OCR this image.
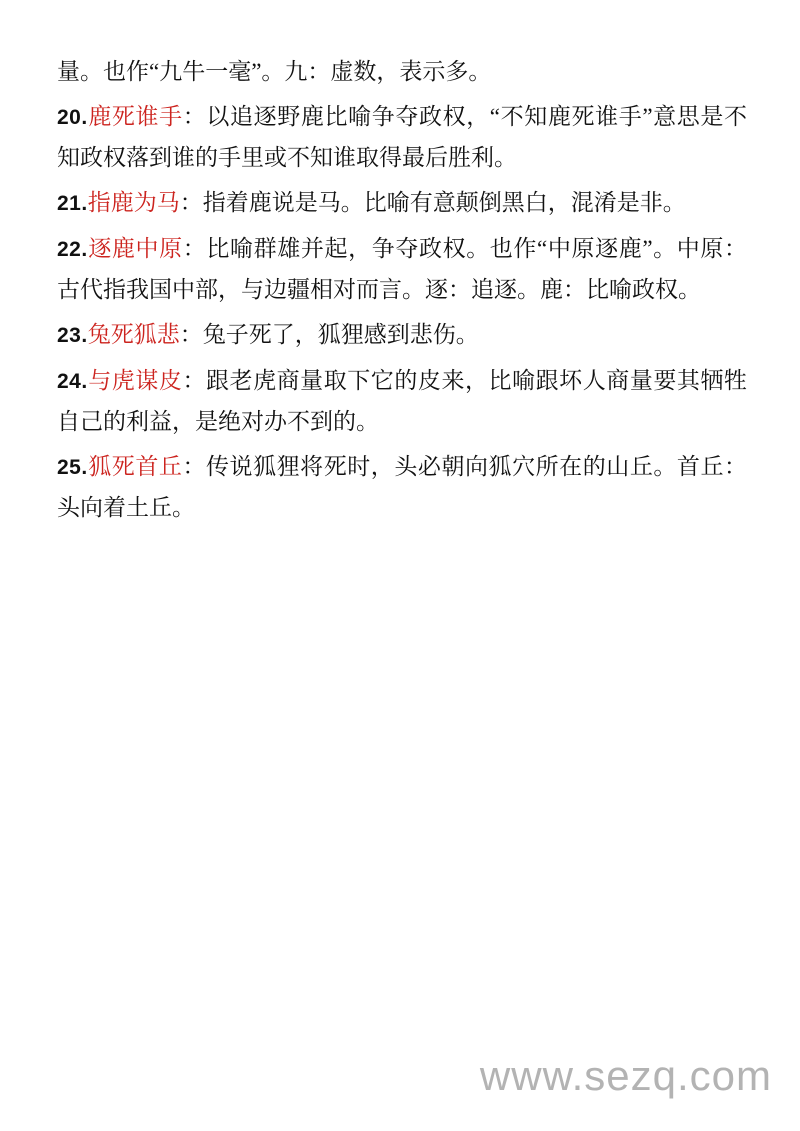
量。也作“九牛一毫”。九：虚数，表示多。

20.鹿死谁手：以追逐野鹿比喻争夺政权，“不知鹿死谁手”意思是不知政权落到谁的手里或不知谁取得最后胜利。

21.指鹿为马：指着鹿说是马。比喻有意颠倒黑白，混淆是非。

22.逐鹿中原：比喻群雄并起，争夺政权。也作“中原逐鹿”。中原：古代指我国中部，与边疆相对而言。逐：追逐。鹿：比喻政权。

23.兔死狐悲：兔子死了，狐狸感到悲伤。

24.与虎谋皮：跟老虎商量取下它的皮来，比喻跟坏人商量要其牺牲自己的利益，是绝对办不到的。

25.狐死首丘：传说狐狸将死时，头必朝向狐穴所在的山丘。首丘：头向着土丘。

www.sezq.com
